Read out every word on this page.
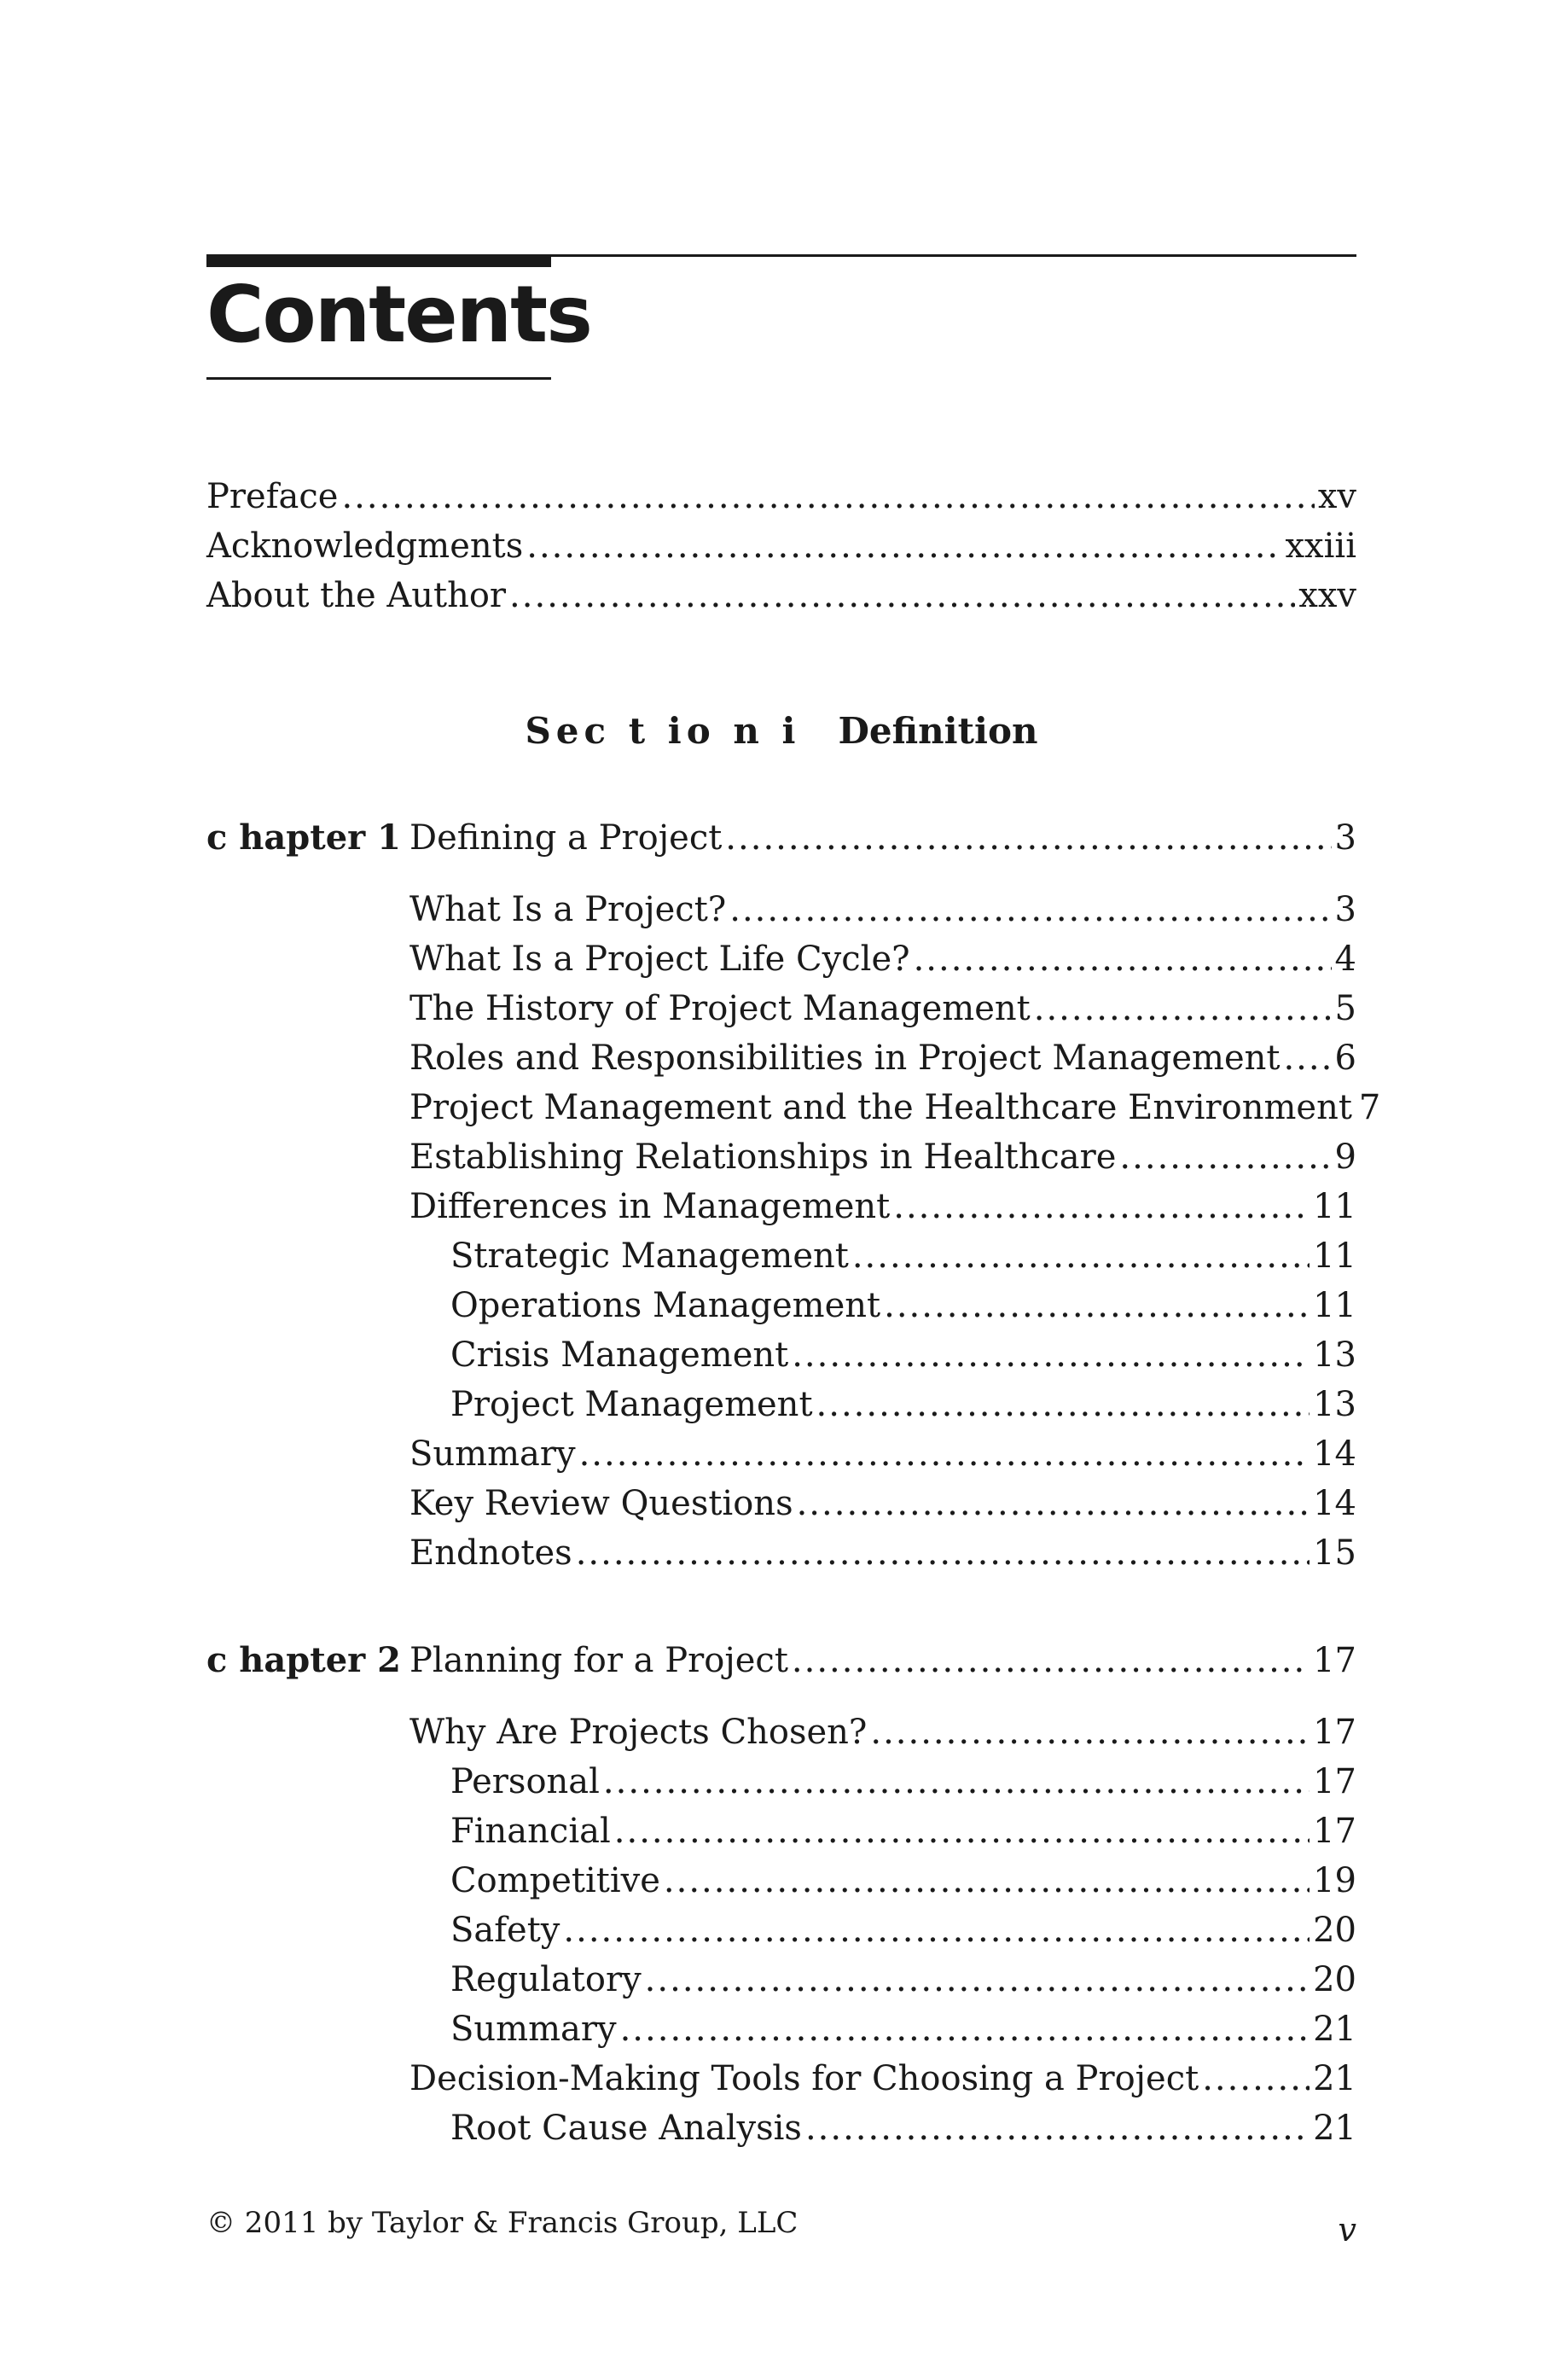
Contents
Preface .....	xv
Acknowledgments .....	xxiii
About the Author .....	xxv
Sec t io n i Definition
c hapter 1 Defining a Project .....	3
What Is a Project? .....	3
What Is a Project Life Cycle? .....	4
The History of Project Management .....	5
Roles and Responsibilities in Project Management ..... 6
Project Management and the Healthcare Environment 7
Establishing Relationships in Healthcare .....	9
Differences in Management .....	11
Strategic Management .....	11
Operations Management .....	11
Crisis Management .....	13
Project Management .....	13
Summary .....	14
Key Review Questions .....	14
Endnotes .....	15
c hapter 2 Planning for a Project .....	17
Why Are Projects Chosen? .....	17
Personal .....	17
Financial .....	17
Competitive .....	19
Safety .....	20
Regulatory .....	20
Summary .....	21
Decision-Making Tools for Choosing a Project .....	21
Root Cause Analysis .....	21
© 2011 by Taylor & Francis Group, LLC	v
